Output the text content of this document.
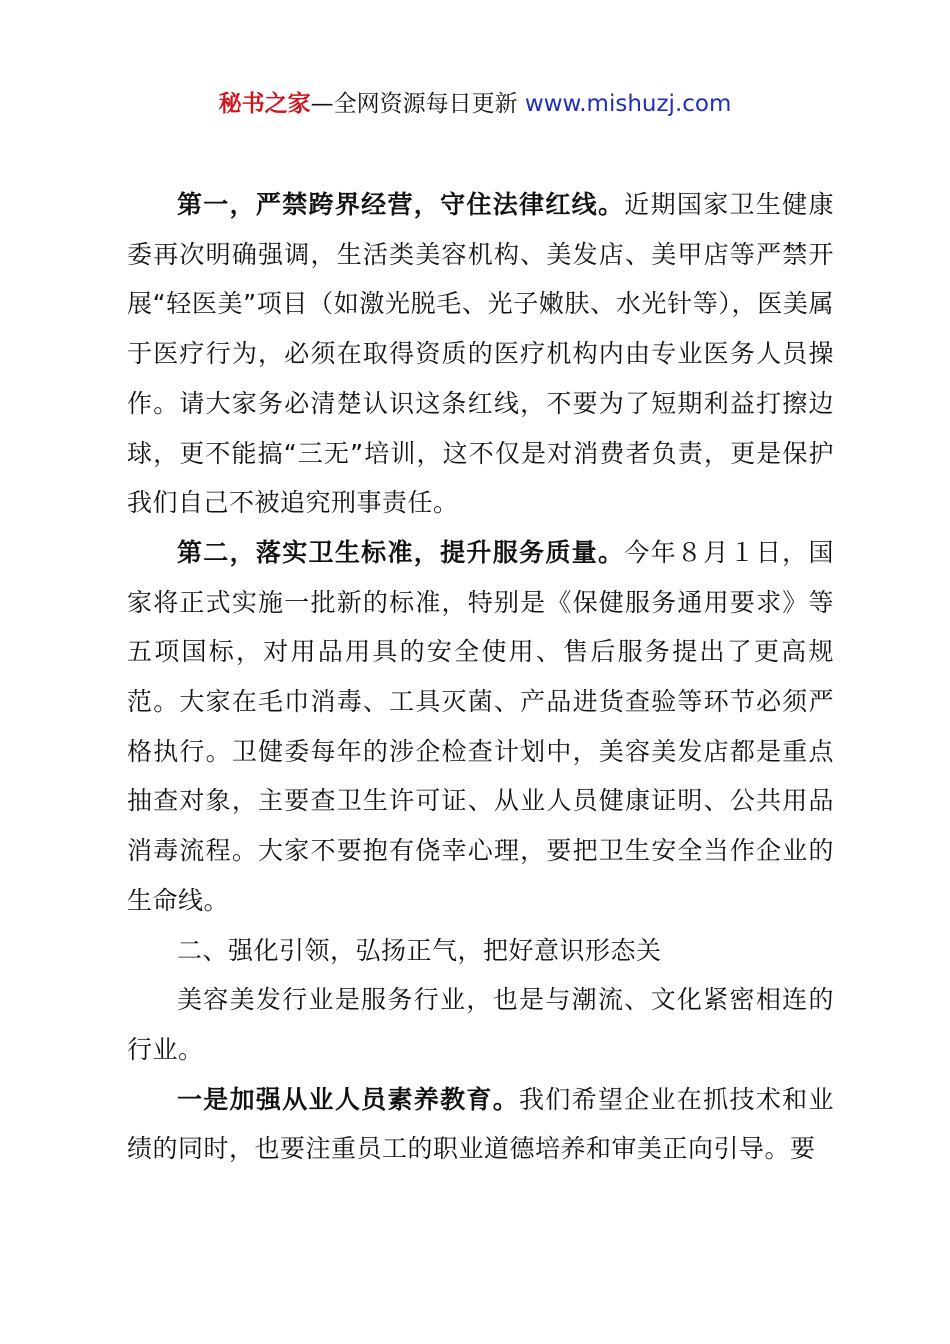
秘书之家—全网资源每日更新 www.mishuzj.com

第一，严禁跨界经营，守住法律红线。近期国家卫生健康委再次明确强调，生活类美容机构、美发店、美甲店等严禁开展“轻医美”项目（如激光脱毛、光子嫩肤、水光针等），医美属于医疗行为，必须在取得资质的医疗机构内由专业医务人员操作。请大家务必清楚认识这条红线，不要为了短期利益打擦边球，更不能搞“三无”培训，这不仅是对消费者负责，更是保护我们自己不被追究刑事责任。

第二，落实卫生标准，提升服务质量。今年８月１日，国家将正式实施一批新的标准，特别是《保健服务通用要求》等五项国标，对用品用具的安全使用、售后服务提出了更高规范。大家在毛巾消毒、工具灭菌、产品进货查验等环节必须严格执行。卫健委每年的涉企检查计划中，美容美发店都是重点抽查对象，主要查卫生许可证、从业人员健康证明、公共用品消毒流程。大家不要抱有侥幸心理，要把卫生安全当作企业的生命线。

二、强化引领，弘扬正气，把好意识形态关

美容美发行业是服务行业，也是与潮流、文化紧密相连的行业。

一是加强从业人员素养教育。我们希望企业在抓技术和业绩的同时，也要注重员工的职业道德培养和审美正向引导。要
